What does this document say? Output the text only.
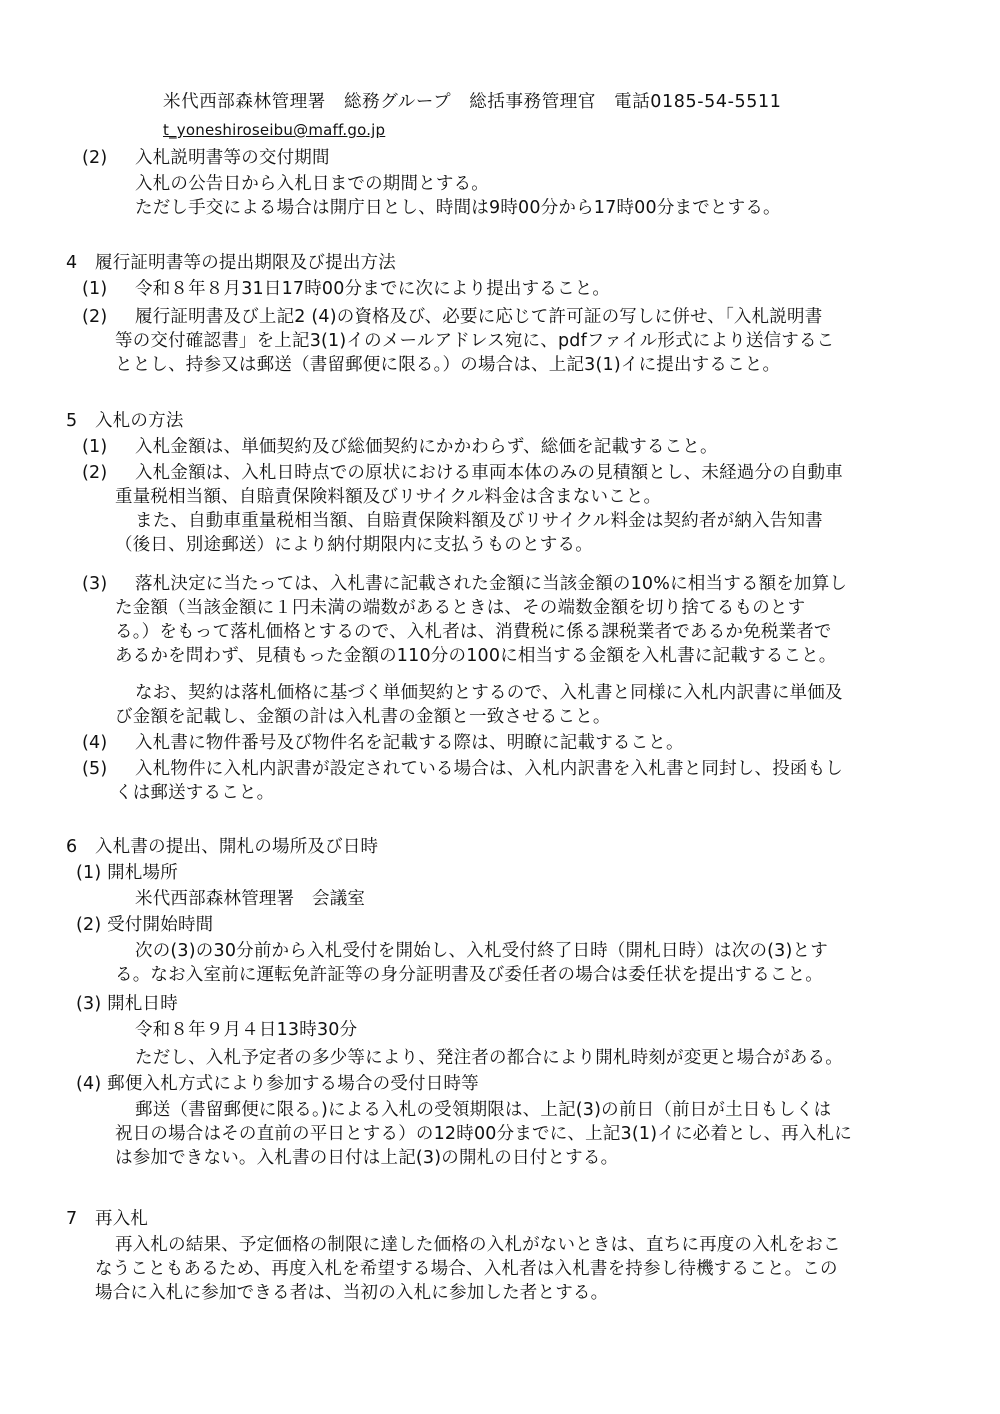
米代西部森林管理署　総務グループ　総括事務管理官　電話0185-54-5511
t_yoneshiroseibu@maff.go.jp
(2) 入札説明書等の交付期間
入札の公告日から入札日までの期間とする。
ただし手交による場合は開庁日とし、時間は9時00分から17時00分までとする。
4　履行証明書等の提出期限及び提出方法
(1) 令和８年８月31日17時00分までに次により提出すること。
(2) 履行証明書及び上記2 (4)の資格及び、必要に応じて許可証の写しに併せ、「入札説明書
等の交付確認書」を上記3(1)イのメールアドレス宛に、pdfファイル形式により送信するこ
ととし、持参又は郵送（書留郵便に限る。）の場合は、上記3(1)イに提出すること。
5　入札の方法
(1) 入札金額は、単価契約及び総価契約にかかわらず、総価を記載すること。
(2) 入札金額は、入札日時点での原状における車両本体のみの見積額とし、未経過分の自動車
重量税相当額、自賠責保険料額及びリサイクル料金は含まないこと。
また、自動車重量税相当額、自賠責保険料額及びリサイクル料金は契約者が納入告知書
（後日、別途郵送）により納付期限内に支払うものとする。
(3) 落札決定に当たっては、入札書に記載された金額に当該金額の10%に相当する額を加算し
た金額（当該金額に１円未満の端数があるときは、その端数金額を切り捨てるものとす
る。）をもって落札価格とするので、入札者は、消費税に係る課税業者であるか免税業者で
あるかを問わず、見積もった金額の110分の100に相当する金額を入札書に記載すること。
なお、契約は落札価格に基づく単価契約とするので、入札書と同様に入札内訳書に単価及
び金額を記載し、金額の計は入札書の金額と一致させること。
(4) 入札書に物件番号及び物件名を記載する際は、明瞭に記載すること。
(5) 入札物件に入札内訳書が設定されている場合は、入札内訳書を入札書と同封し、投函もし
くは郵送すること。
6　入札書の提出、開札の場所及び日時
(1) 開札場所
米代西部森林管理署　会議室
(2) 受付開始時間
次の(3)の30分前から入札受付を開始し、入札受付終了日時（開札日時）は次の(3)とす
る。なお入室前に運転免許証等の身分証明書及び委任者の場合は委任状を提出すること。
(3) 開札日時
令和８年９月４日13時30分
ただし、入札予定者の多少等により、発注者の都合により開札時刻が変更と場合がある。
(4) 郵便入札方式により参加する場合の受付日時等
郵送（書留郵便に限る。)による入札の受領期限は、上記(3)の前日（前日が土日もしくは
祝日の場合はその直前の平日とする）の12時00分までに、上記3(1)イに必着とし、再入札に
は参加できない。入札書の日付は上記(3)の開札の日付とする。
7　再入札
再入札の結果、予定価格の制限に達した価格の入札がないときは、直ちに再度の入札をおこ
なうこともあるため、再度入札を希望する場合、入札者は入札書を持参し待機すること。この
場合に入札に参加できる者は、当初の入札に参加した者とする。
